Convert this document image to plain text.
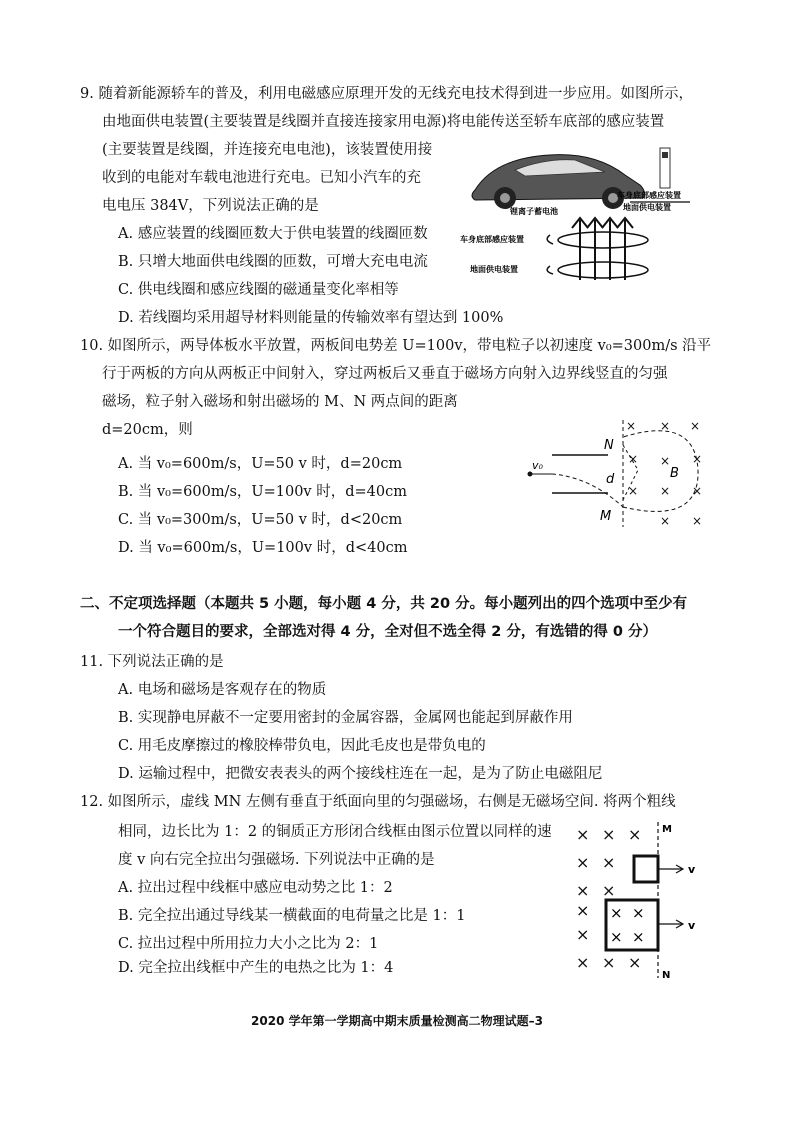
9. 随着新能源轿车的普及，利用电磁感应原理开发的无线充电技术得到进一步应用。如图所示，
由地面供电装置(主要装置是线圈并直接连接家用电源)将电能传送至轿车底部的感应装置
(主要装置是线圈，并连接充电电池)，该装置使用接
收到的电能对车载电池进行充电。已知小汽车的充
电电压 384V，下列说法正确的是
A. 感应装置的线圈匝数大于供电装置的线圈匝数
B. 只增大地面供电线圈的匝数，可增大充电电流
C. 供电线圈和感应线圈的磁通量变化率相等
D. 若线圈均采用超导材料则能量的传输效率有望达到 100%
车身底部感应装置
地面供电装置
锂离子蓄电池
车身底部感应装置
地面供电装置
10. 如图所示，两导体板水平放置，两板间电势差 U=100v，带电粒子以初速度 v₀=300m/s 沿平
行于两板的方向从两板正中间射入，穿过两板后又垂直于磁场方向射入边界线竖直的匀强
磁场，粒子射入磁场和射出磁场的 M、N 两点间的距离
d=20cm，则
A. 当 v₀=600m/s，U=50 v 时，d=20cm
B. 当 v₀=600m/s，U=100v 时，d=40cm
C. 当 v₀=300m/s，U=50 v 时，d<20cm
D. 当 v₀=600m/s，U=100v 时，d<40cm
× × ×
× × ×
× × ×
× ×
v₀
N
M
d	B
二、不定项选择题（本题共 5 小题，每小题 4 分，共 20 分。每小题列出的四个选项中至少有
一个符合题目的要求，全部选对得 4 分，全对但不选全得 2 分，有选错的得 0 分）
11. 下列说法正确的是
A. 电场和磁场是客观存在的物质
B. 实现静电屏蔽不一定要用密封的金属容器，金属网也能起到屏蔽作用
C. 用毛皮摩擦过的橡胶棒带负电，因此毛皮也是带负电的
D. 运输过程中，把微安表表头的两个接线柱连在一起，是为了防止电磁阻尼
12. 如图所示，虚线 MN 左侧有垂直于纸面向里的匀强磁场，右侧是无磁场空间. 将两个粗线
相同，边长比为 1：2 的铜质正方形闭合线框由图示位置以同样的速
度 v 向右完全拉出匀强磁场. 下列说法中正确的是
A. 拉出过程中线框中感应电动势之比 1：2
B. 完全拉出通过导线某一横截面的电荷量之比是 1：1
C. 拉出过程中所用拉力大小之比为 2：1
D. 完全拉出线框中产生的电热之比为 1：4
× × ×
× ×
× ×
×
×
× × ×
M
N
v
× ×
× ×
v
2020 学年第一学期高中期末质量检测高二物理试题–3
